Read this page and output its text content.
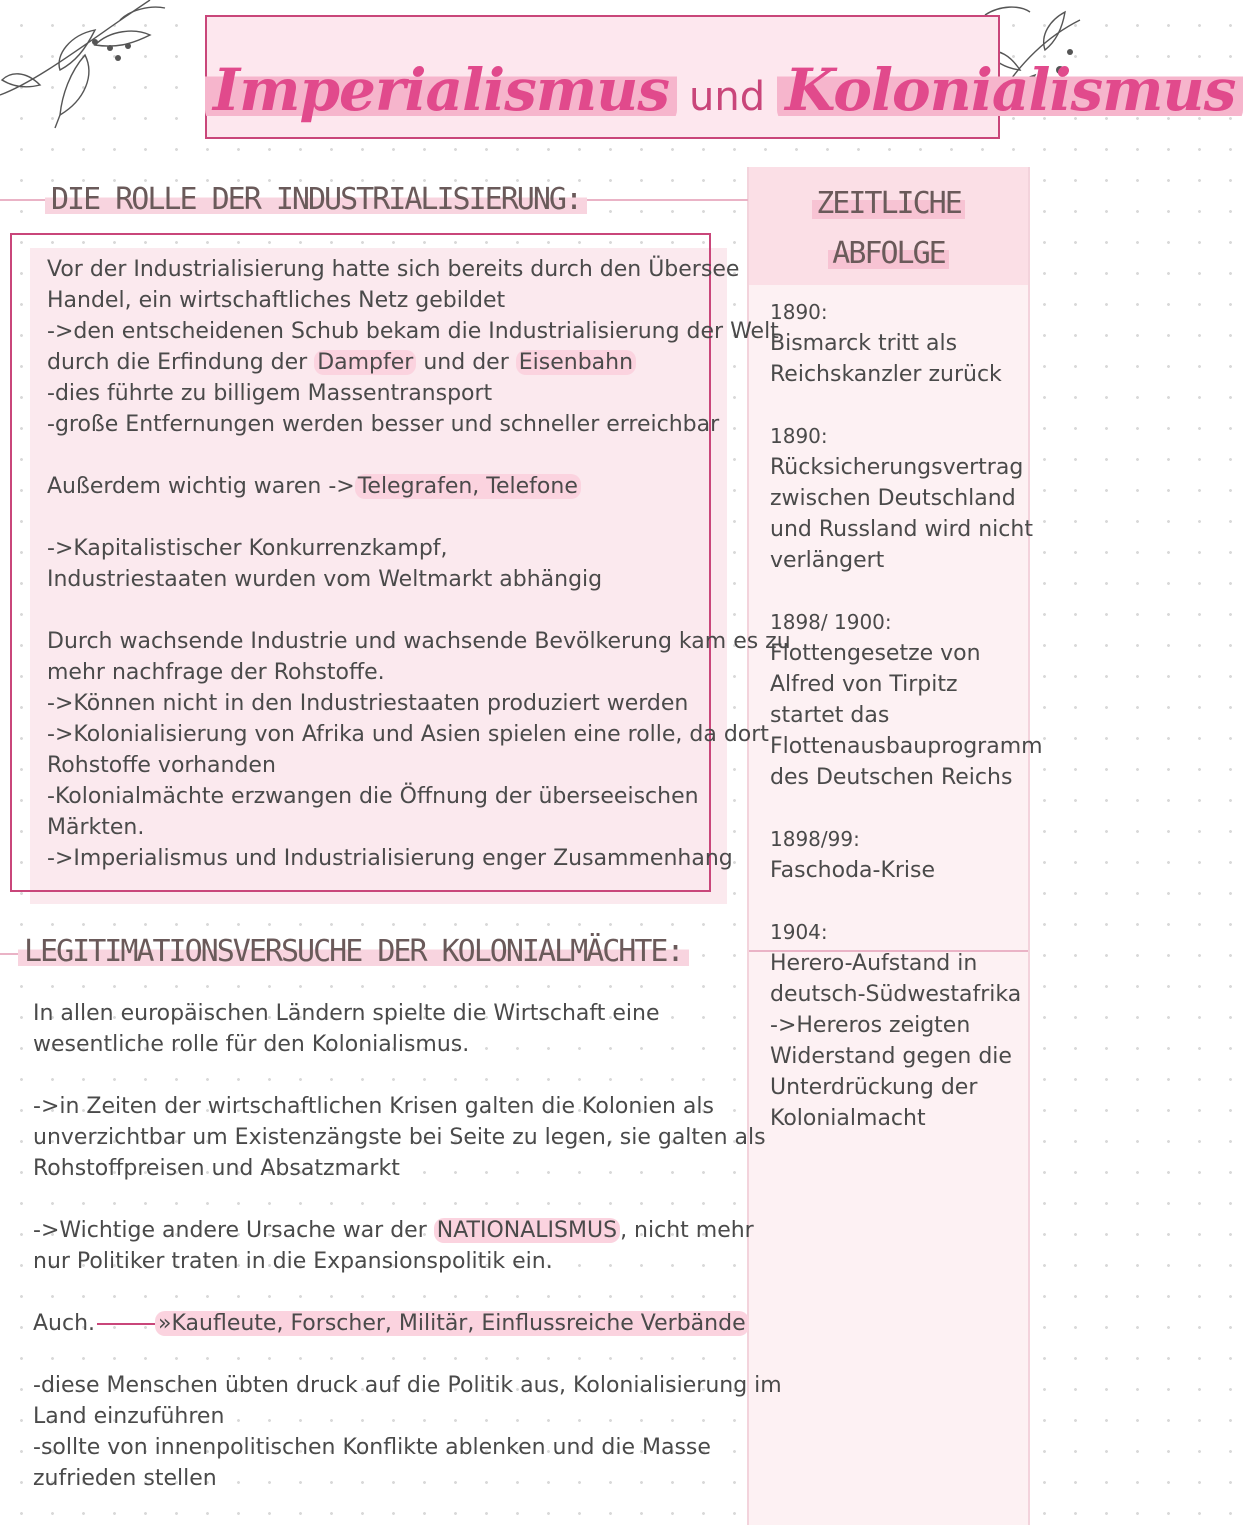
Imperialismus und Kolonialismus
ZEITLICHE
ABFOLGE
1890:
Bismarck tritt als
Reichskanzler zurück
1890:
Rücksicherungsvertrag
zwischen Deutschland
und Russland wird nicht
verlängert
1898/ 1900:
Flottengesetze von
Alfred von Tirpitz
startet das
Flottenausbauprogramm
des Deutschen Reichs
1898/99:
Faschoda-Krise
1904:
Herero-Aufstand in
deutsch-Südwestafrika
->Hereros zeigten
Widerstand gegen die
Unterdrückung der
Kolonialmacht
DIE ROLLE DER INDUSTRIALISIERUNG:
Vor der Industrialisierung hatte sich bereits durch den Übersee
Handel, ein wirtschaftliches Netz gebildet
->den entscheidenen Schub bekam die Industrialisierung der Welt
durch die Erfindung der Dampfer und der Eisenbahn
-dies führte zu billigem Massentransport
-große Entfernungen werden besser und schneller erreichbar

Außerdem wichtig waren -> Telegrafen, Telefone

->Kapitalistischer Konkurrenzkampf,
Industriestaaten wurden vom Weltmarkt abhängig

Durch wachsende Industrie und wachsende Bevölkerung kam es zu
mehr nachfrage der Rohstoffe.
->Können nicht in den Industriestaaten produziert werden
->Kolonialisierung von Afrika und Asien spielen eine rolle, da dort
Rohstoffe vorhanden
-Kolonialmächte erzwangen die Öffnung der überseeischen
Märkten.
->Imperialismus und Industrialisierung enger Zusammenhang
LEGITIMATIONSVERSUCHE DER KOLONIALMÄCHTE:
In allen europäischen Ländern spielte die Wirtschaft eine
wesentliche rolle für den Kolonialismus.

->in Zeiten der wirtschaftlichen Krisen galten die Kolonien als
unverzichtbar um Existenzängste bei Seite zu legen, sie galten als
Rohstoffpreisen und Absatzmarkt

->Wichtige andere Ursache war der NATIONALISMUS , nicht mehr
nur Politiker traten in die Expansionspolitik ein.

Auch.	»Kaufleute, Forscher, Militär, Einflussreiche Verbände

-diese Menschen übten druck auf die Politik aus, Kolonialisierung im
Land einzuführen
-sollte von innenpolitischen Konflikte ablenken und die Masse
zufrieden stellen
